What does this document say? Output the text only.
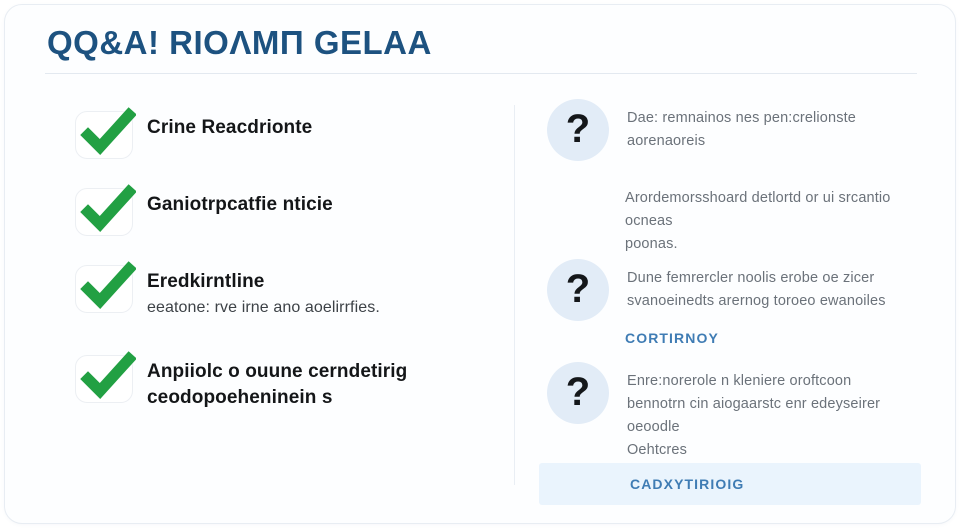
QQ&A! RIOΛMΠ GELAA
Crine Reacdrionte
Ganiotrpcatfie nticie
Eredkirntline
eeatone: rve irne ano aoelirrfies.
Anpiiolc o ouune cerndetirig
ceodopoeheninein s
?	Dae: remnainos nes pen:crelionste
aorenaoreis
Arordemorsshoard detlortd or ui srcantio
ocneas
poonas.
?	Dune femrercler noolis erobe oe zicer
svanoeinedts arernog toroeo ewanoiles
CORTIRNOY
?	Enre:norerole n kleniere oroftcoon
bennotrn cin aiogaarstc enr edeyseirer
oeoodle
Oehtcres
CADXYTIRIOIG
